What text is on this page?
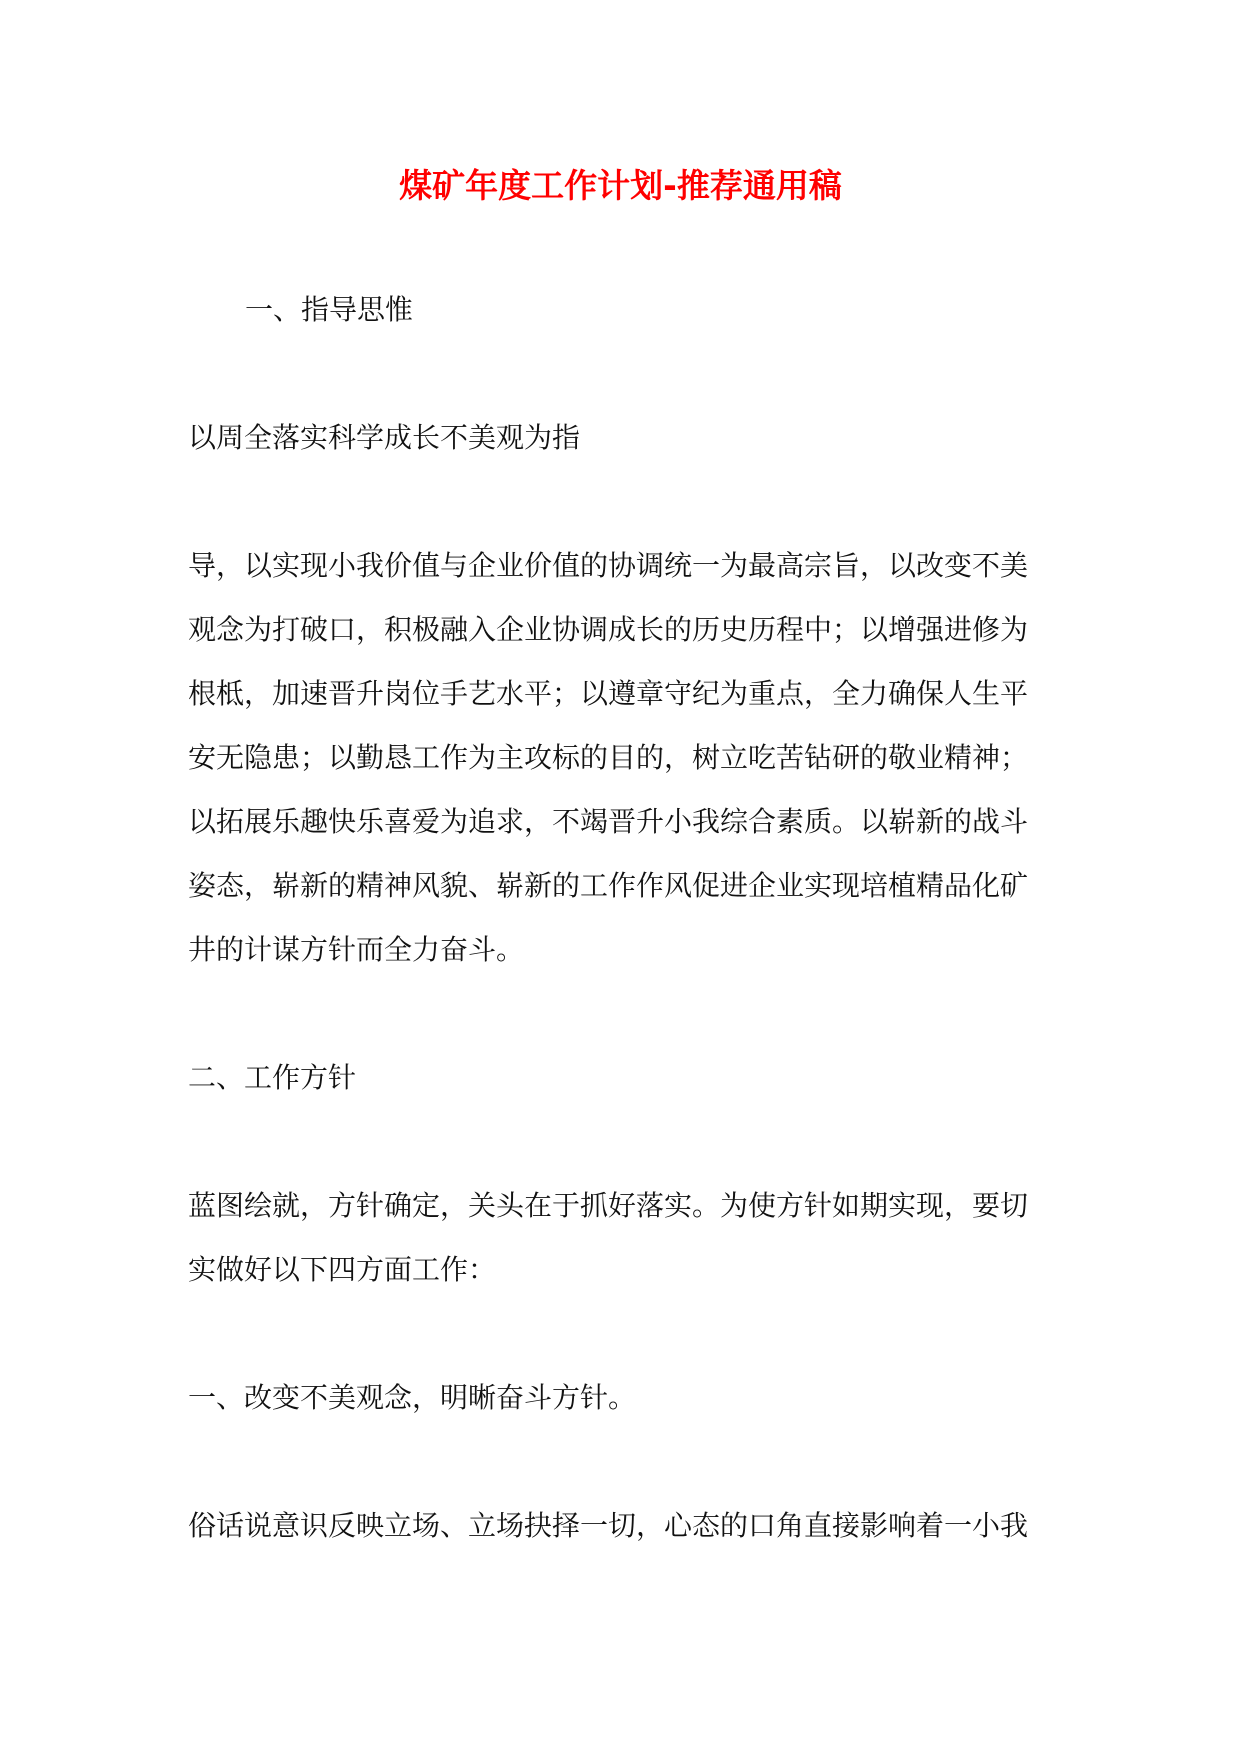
煤矿年度工作计划-推荐通用稿
一、指导思惟
以周全落实科学成长不美观为指
导，以实现小我价值与企业价值的协调统一为最高宗旨，以改变不美
观念为打破口，积极融入企业协调成长的历史历程中；以增强进修为
根柢，加速晋升岗位手艺水平；以遵章守纪为重点，全力确保人生平
安无隐患；以勤恳工作为主攻标的目的，树立吃苦钻研的敬业精神；
以拓展乐趣快乐喜爱为追求，不竭晋升小我综合素质。以崭新的战斗
姿态，崭新的精神风貌、崭新的工作作风促进企业实现培植精品化矿
井的计谋方针而全力奋斗。
二、工作方针
蓝图绘就，方针确定，关头在于抓好落实。为使方针如期实现，要切
实做好以下四方面工作：
一、改变不美观念，明晰奋斗方针。
俗话说意识反映立场、立场抉择一切，心态的口角直接影响着一小我
